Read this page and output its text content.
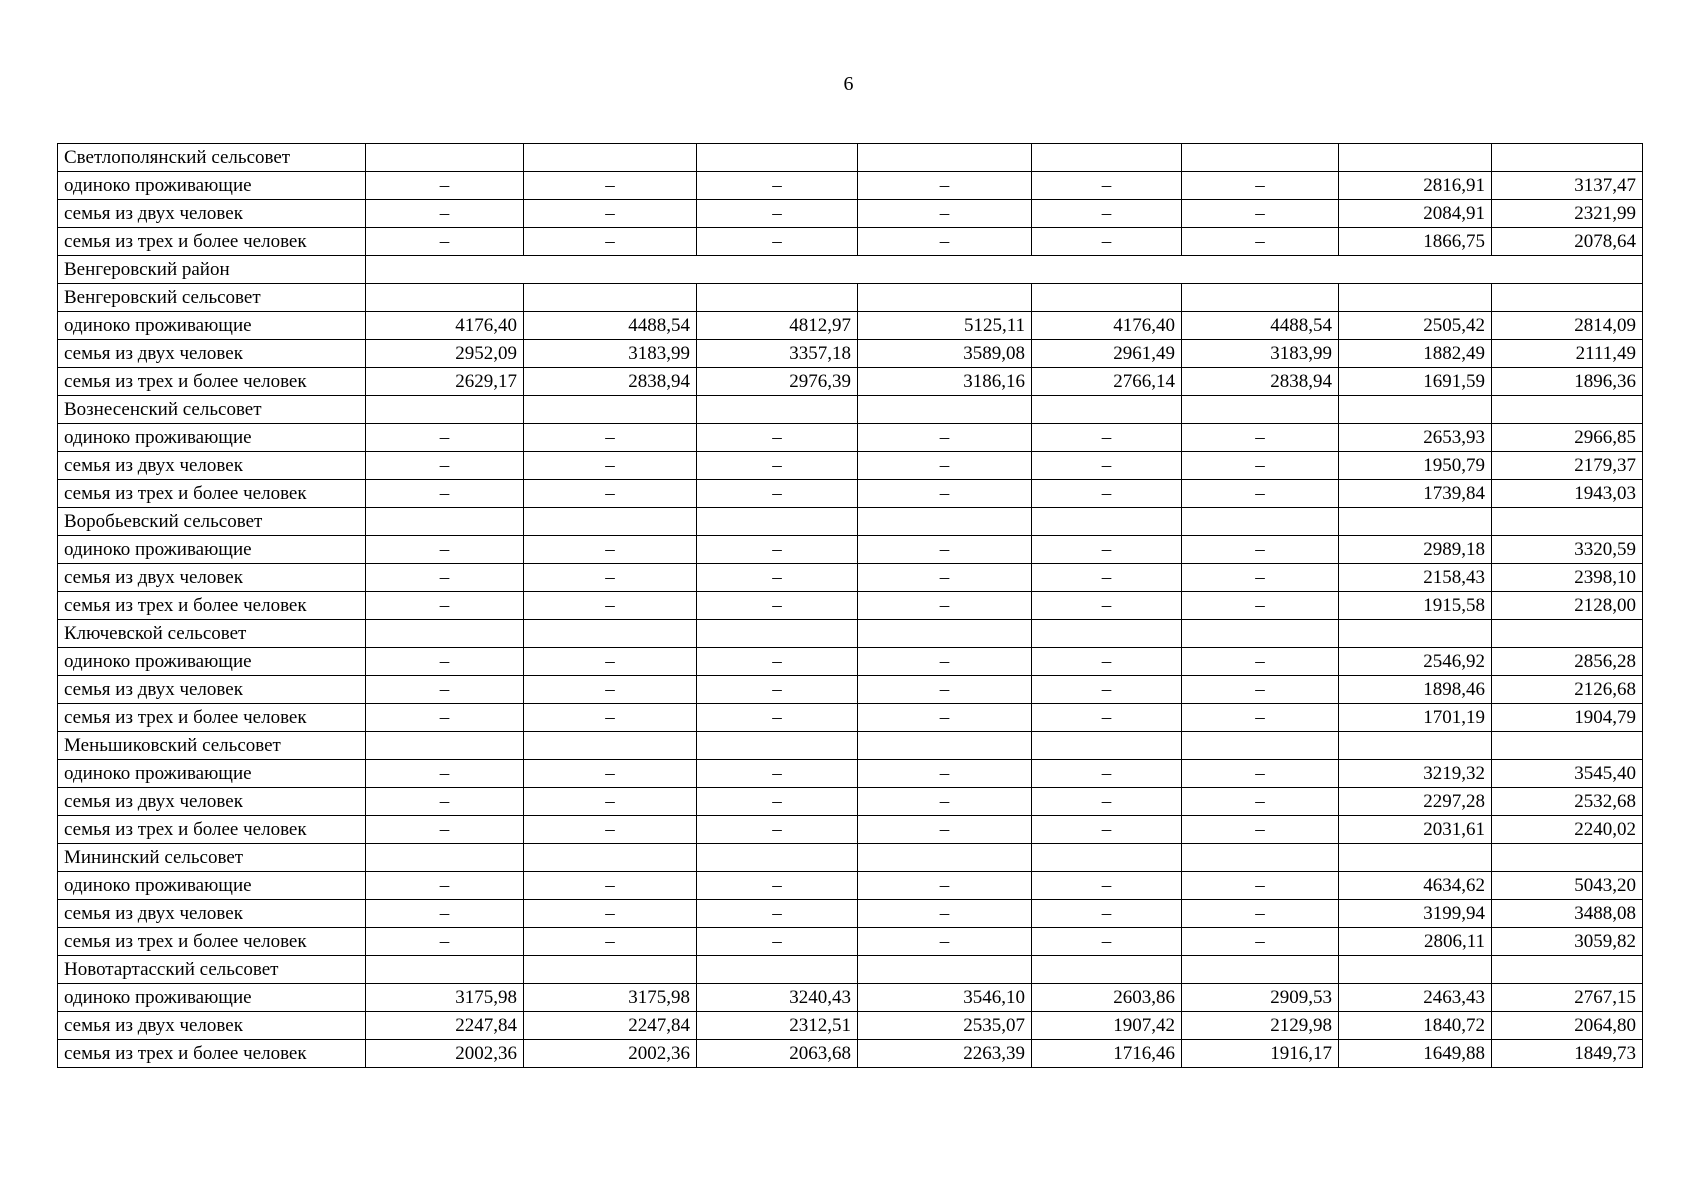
6
Светлополянский сельсовет								
одиноко проживающие	–	–	–	–	–	–	2816,91	3137,47
семья из двух человек	–	–	–	–	–	–	2084,91	2321,99
семья из трех и более человек	–	–	–	–	–	–	1866,75	2078,64
Венгеровский район								
Венгеровский сельсовет								
одиноко проживающие	4176,40	4488,54	4812,97	5125,11	4176,40	4488,54	2505,42	2814,09
семья из двух человек	2952,09	3183,99	3357,18	3589,08	2961,49	3183,99	1882,49	2111,49
семья из трех и более человек	2629,17	2838,94	2976,39	3186,16	2766,14	2838,94	1691,59	1896,36
Вознесенский сельсовет								
одиноко проживающие	–	–	–	–	–	–	2653,93	2966,85
семья из двух человек	–	–	–	–	–	–	1950,79	2179,37
семья из трех и более человек	–	–	–	–	–	–	1739,84	1943,03
Воробьевский сельсовет								
одиноко проживающие	–	–	–	–	–	–	2989,18	3320,59
семья из двух человек	–	–	–	–	–	–	2158,43	2398,10
семья из трех и более человек	–	–	–	–	–	–	1915,58	2128,00
Ключевской сельсовет								
одиноко проживающие	–	–	–	–	–	–	2546,92	2856,28
семья из двух человек	–	–	–	–	–	–	1898,46	2126,68
семья из трех и более человек	–	–	–	–	–	–	1701,19	1904,79
Меньшиковский сельсовет								
одиноко проживающие	–	–	–	–	–	–	3219,32	3545,40
семья из двух человек	–	–	–	–	–	–	2297,28	2532,68
семья из трех и более человек	–	–	–	–	–	–	2031,61	2240,02
Мининский сельсовет								
одиноко проживающие	–	–	–	–	–	–	4634,62	5043,20
семья из двух человек	–	–	–	–	–	–	3199,94	3488,08
семья из трех и более человек	–	–	–	–	–	–	2806,11	3059,82
Новотартасский сельсовет								
одиноко проживающие	3175,98	3175,98	3240,43	3546,10	2603,86	2909,53	2463,43	2767,15
семья из двух человек	2247,84	2247,84	2312,51	2535,07	1907,42	2129,98	1840,72	2064,80
семья из трех и более человек	2002,36	2002,36	2063,68	2263,39	1716,46	1916,17	1649,88	1849,73
